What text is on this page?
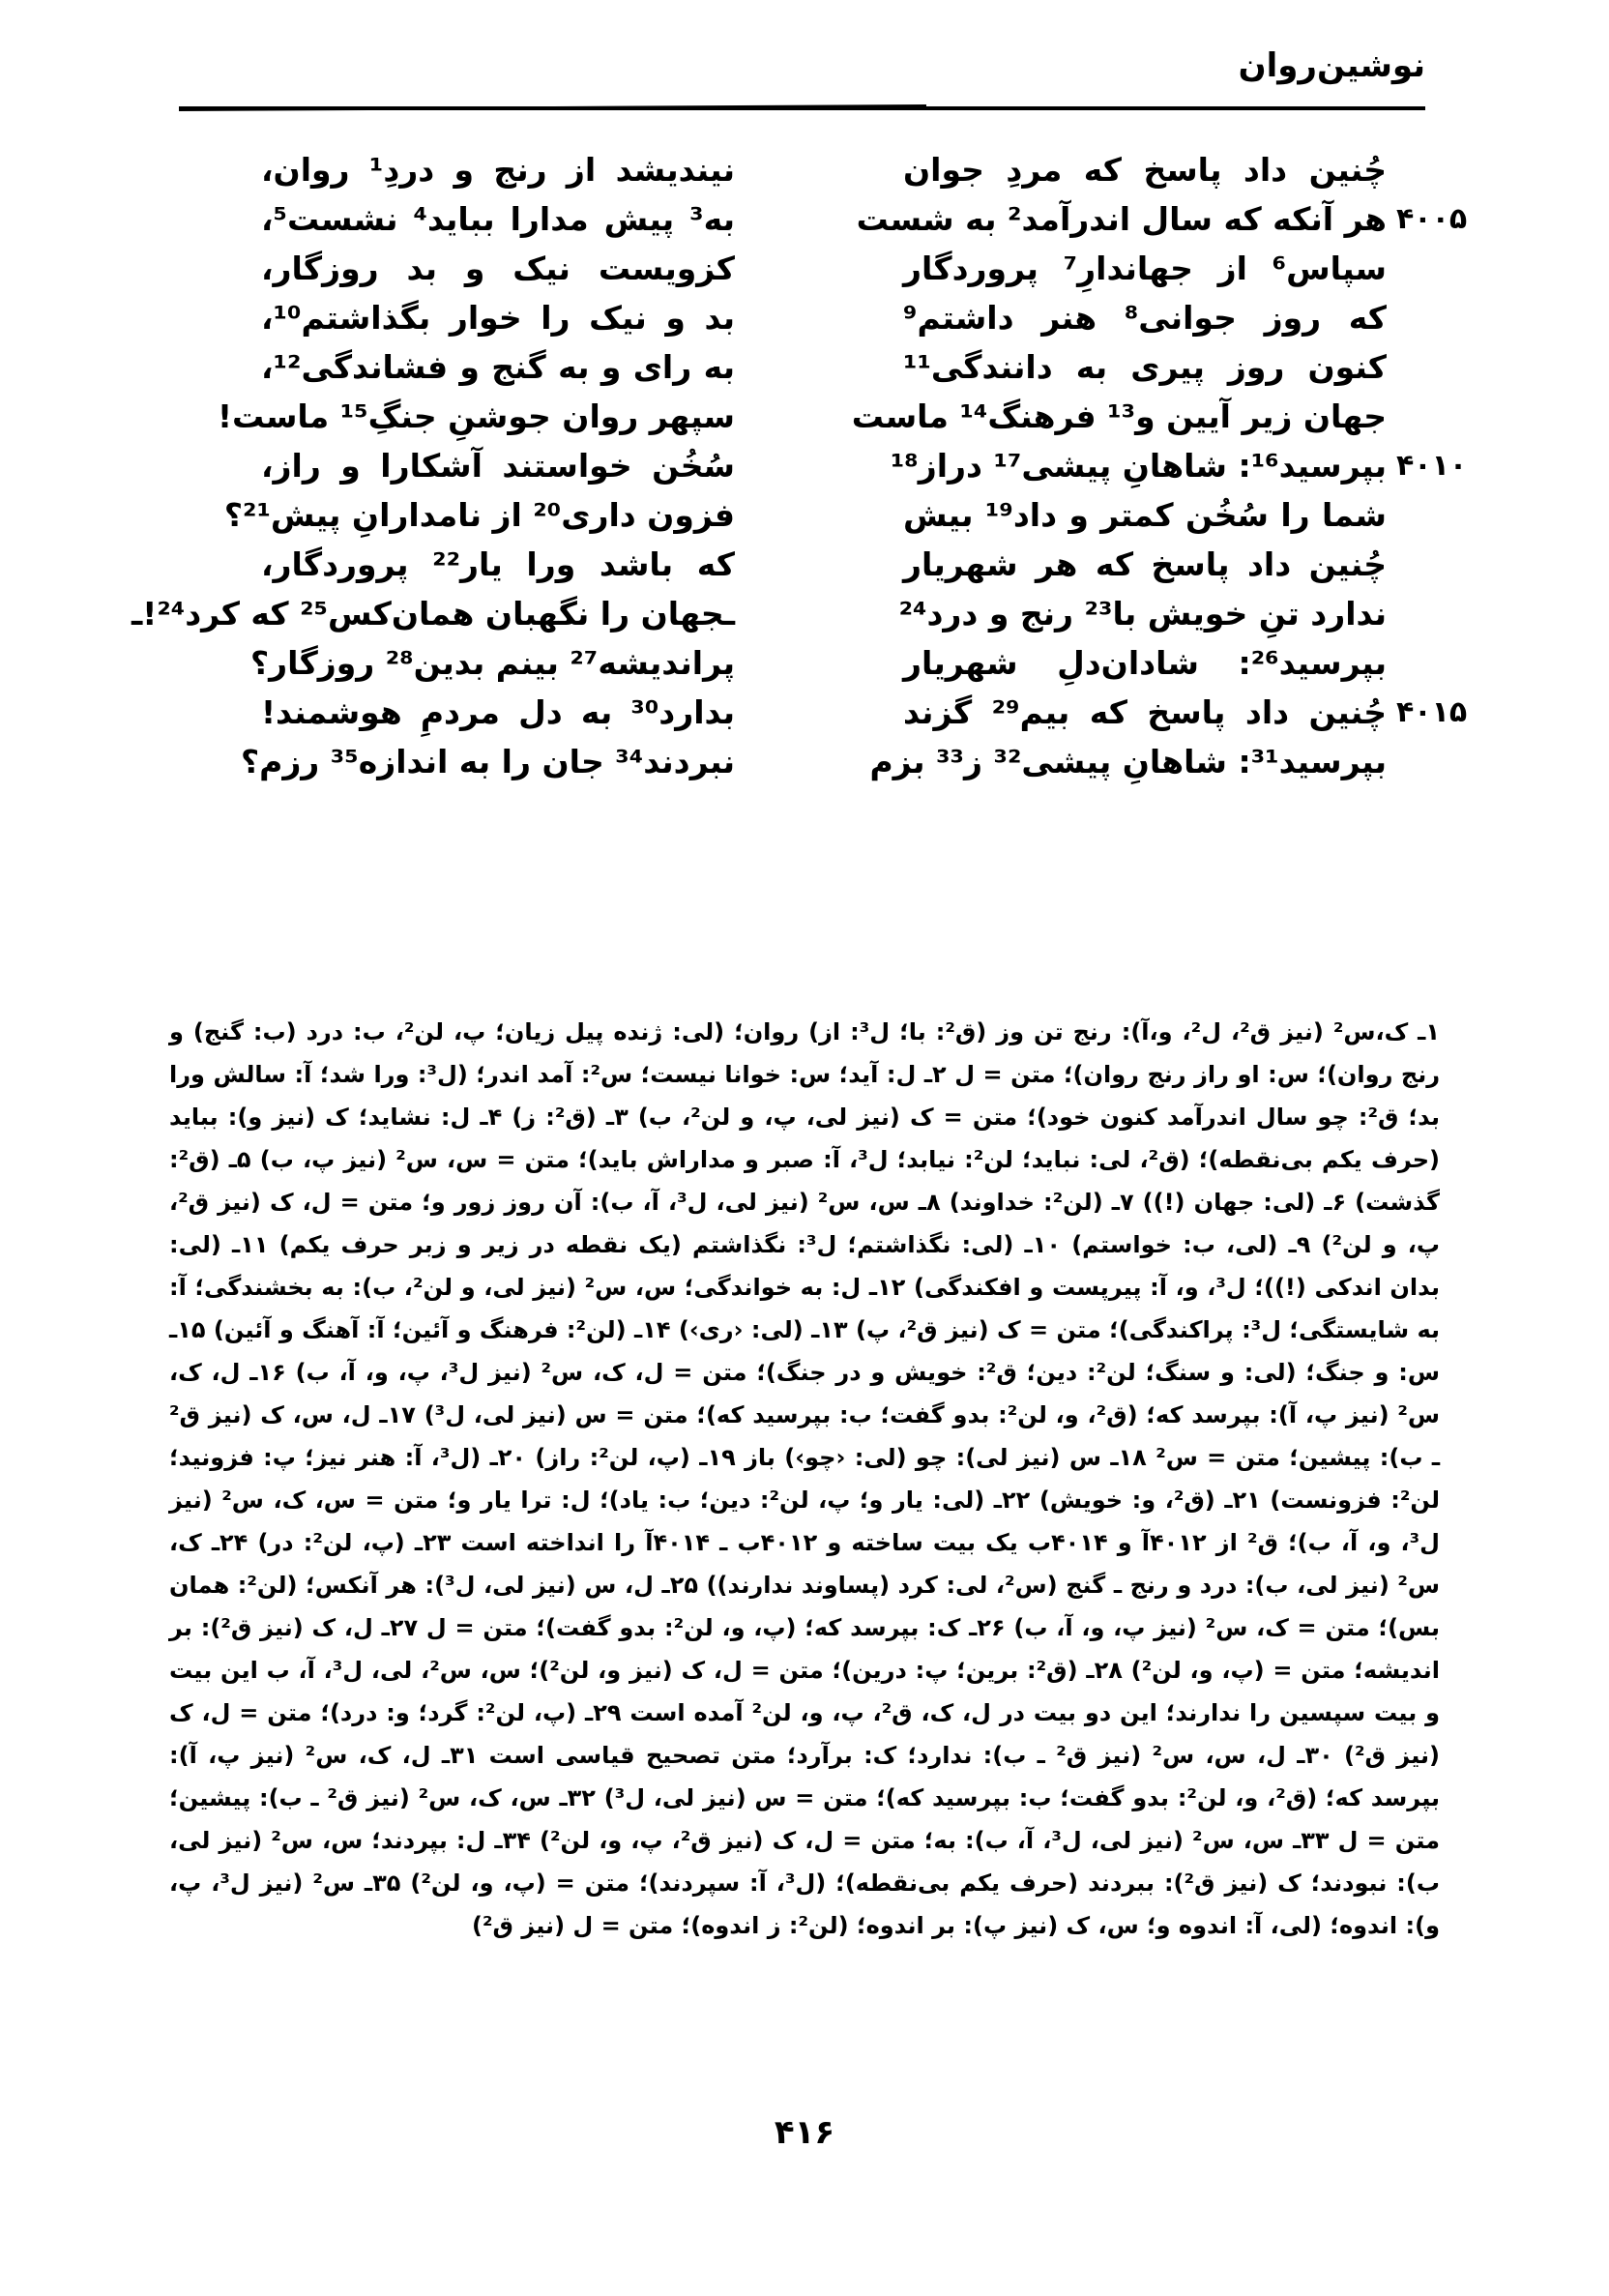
نوشین‌روان
چُنین داد پاسخ که مردِ جوان
۴۰۰۵
هر آنکه که سال اندرآمد² به شست
سپاس⁶ از جهاندارِ⁷ پروردگار
که روز جوانی⁸ هنر داشتم⁹
کنون روز پیری به دانندگی¹¹
جهان زیر آیین و¹³ فرهنگ¹⁴ ماست
۴۰۱۰
بپرسید¹⁶: شاهانِ پیشی¹⁷ دراز¹⁸
شما را سُخُن کمتر و داد¹⁹ بیش
چُنین داد پاسخ که هر شهریار
ندارد تنِ خویش با²³ رنج و درد²⁴
بپرسید²⁶: شادان‌دلِ شهریار
۴۰۱۵
چُنین داد پاسخ که بیم²⁹ گزند
بپرسید³¹: شاهانِ پیشی³² ز³³ بزم
نیندیشد از رنج و دردِ¹ روان،
به³ پیش مدارا بباید⁴ نشست⁵،
کزویست نیک و بد روزگار،
بد و نیک را خوار بگذاشتم¹⁰،
به رای و به گنج و فشاندگی¹²،
سپهر روان جوشنِ جنگِ¹⁵ ماست!
سُخُن خواستند آشکارا و راز،
فزون داری²⁰ از نامدارانِ پیش²¹؟
که باشد ورا یار²² پروردگار،
ـجهان را نگهبان همان‌کس²⁵ که کرد²⁴!ـ
پراندیشه²⁷ بینم بدین²⁸ روزگار؟
بدارد³⁰ به دل مردمِ هوشمند!
نبردند³⁴ جان را به اندازه³⁵ رزم؟
۱ـ ک،س² (نیز ق²، ل²، و،آ): رنج تن وز (ق²: با؛ ل³: از) روان؛ (لی: ژنده پیل زیان؛ پ، لن²، ب: درد (ب: گنج) و رنج روان)؛ س: او راز رنج روان)؛ متن = ل ۲ـ ل: آید؛ س: خوانا نیست؛ س²: آمد اندر؛ (ل³: ورا شد؛ آ: سالش ورا بد؛ ق²: چو سال اندرآمد کنون خود)؛ متن = ک (نیز لی، پ، و لن²، ب) ۳ـ (ق²: ز) ۴ـ ل: نشاید؛ ک (نیز و): بباید (حرف یکم بی‌نقطه)؛ (ق²، لی: نباید؛ لن²: نیابد؛ ل³، آ: صبر و مداراش باید)؛ متن = س، س² (نیز پ، ب) ۵ـ (ق²: گذشت) ۶ـ (لی: جهان (!)) ۷ـ (لن²: خداوند) ۸ـ س، س² (نیز لی، ل³، آ، ب): آن روز زور و؛ متن = ل، ک (نیز ق²، پ، و لن²) ۹ـ (لی، ب: خواستم) ۱۰ـ (لی: نگذاشتم؛ ل³: نگذاشتم (یک نقطه در زیر و زبر حرف یکم) ۱۱ـ (لی: بدان اندکی (!))؛ ل³، و، آ: پیرپست و افکندگی) ۱۲ـ ل: به خواندگی؛ س، س² (نیز لی، و لن²، ب): به بخشندگی؛ آ: به شایستگی؛ ل³: پراکندگی)؛ متن = ک (نیز ق²، پ) ۱۳ـ (لی: ‹ری›) ۱۴ـ (لن²: فرهنگ و آئین؛ آ: آهنگ و آئین) ۱۵ـ س: و جنگ؛ (لی: و سنگ؛ لن²: دین؛ ق²: خویش و در جنگ)؛ متن = ل، ک، س² (نیز ل³، پ، و، آ، ب) ۱۶ـ ل، ک، س² (نیز پ، آ): بپرسد که؛ (ق²، و، لن²: بدو گفت؛ ب: بپرسید که)؛ متن = س (نیز لی، ل³) ۱۷ـ ل، س، ک (نیز ق² ـ ب): پیشین؛ متن = س² ۱۸ـ س (نیز لی): چو (لی: ‹چو›) باز ۱۹ـ (پ، لن²: راز) ۲۰ـ (ل³، آ: هنر نیز؛ پ: فزونید؛ لن²: فزونست) ۲۱ـ (ق²، و: خویش) ۲۲ـ (لی: یار و؛ پ، لن²: دین؛ ب: یاد)؛ ل: ترا یار و؛ متن = س، ک، س² (نیز ل³، و، آ، ب)؛ ق² از ۴۰۱۲آ و ۴۰۱۴ب یک بیت ساخته و ۴۰۱۲ب ـ ۴۰۱۴آ را انداخته است ۲۳ـ (پ، لن²: در) ۲۴ـ ک، س² (نیز لی، ب): درد و رنج ـ گنج (س²، لی: کرد (پساوند ندارند)) ۲۵ـ ل، س (نیز لی، ل³): هر آنکس؛ (لن²: همان بس)؛ متن = ک، س² (نیز پ، و، آ، ب) ۲۶ـ ک: بپرسد که؛ (پ، و، لن²: بدو گفت)؛ متن = ل ۲۷ـ ل، ک (نیز ق²): بر اندیشه؛ متن = (پ، و، لن²) ۲۸ـ (ق²: برین؛ پ: درین)؛ متن = ل، ک (نیز و، لن²)؛ س، س²، لی، ل³، آ، ب این بیت و بیت سپسین را ندارند؛ این دو بیت در ل، ک، ق²، پ، و، لن² آمده است ۲۹ـ (پ، لن²: گرد؛ و: درد)؛ متن = ل، ک (نیز ق²) ۳۰ـ ل، س، س² (نیز ق² ـ ب): ندارد؛ ک: برآرد؛ متن تصحیح قیاسی است ۳۱ـ ل، ک، س² (نیز پ، آ): بپرسد که؛ (ق²، و، لن²: بدو گفت؛ ب: بپرسید که)؛ متن = س (نیز لی، ل³) ۳۲ـ س، ک، س² (نیز ق² ـ ب): پیشین؛ متن = ل ۳۳ـ س، س² (نیز لی، ل³، آ، ب): به؛ متن = ل، ک (نیز ق²، پ، و، لن²) ۳۴ـ ل: بپردند؛ س، س² (نیز لی، ب): نبودند؛ ک (نیز ق²): ببردند (حرف یکم بی‌نقطه)؛ (ل³، آ: سپردند)؛ متن = (پ، و، لن²) ۳۵ـ س² (نیز ل³، پ، و): اندوه؛ (لی، آ: اندوه و؛ س، ک (نیز پ): بر اندوه؛ (لن²: ز اندوه)؛ متن = ل (نیز ق²)
۴۱۶
